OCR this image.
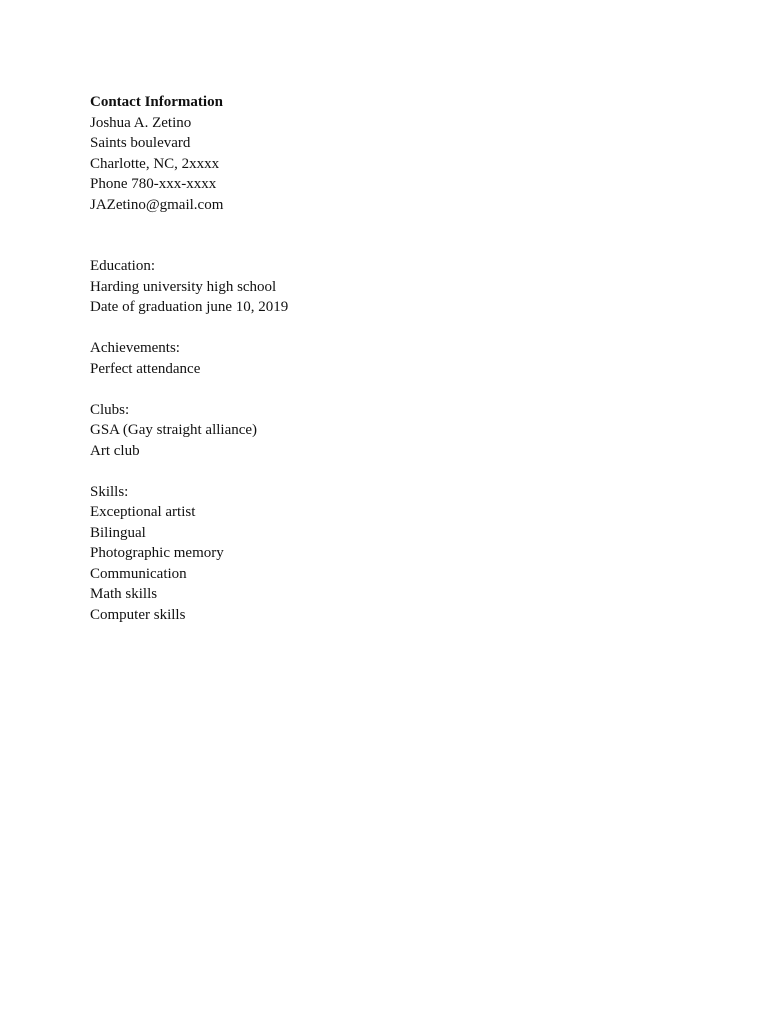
Contact Information
Joshua A. Zetino
Saints boulevard
Charlotte, NC, 2xxxx
Phone 780-xxx-xxxx
JAZetino@gmail.com
Education:
Harding university high school
Date of graduation june 10, 2019
Achievements:
Perfect attendance
Clubs:
GSA (Gay straight alliance)
Art club
Skills:
Exceptional artist
Bilingual
Photographic memory
Communication
Math skills
Computer skills
